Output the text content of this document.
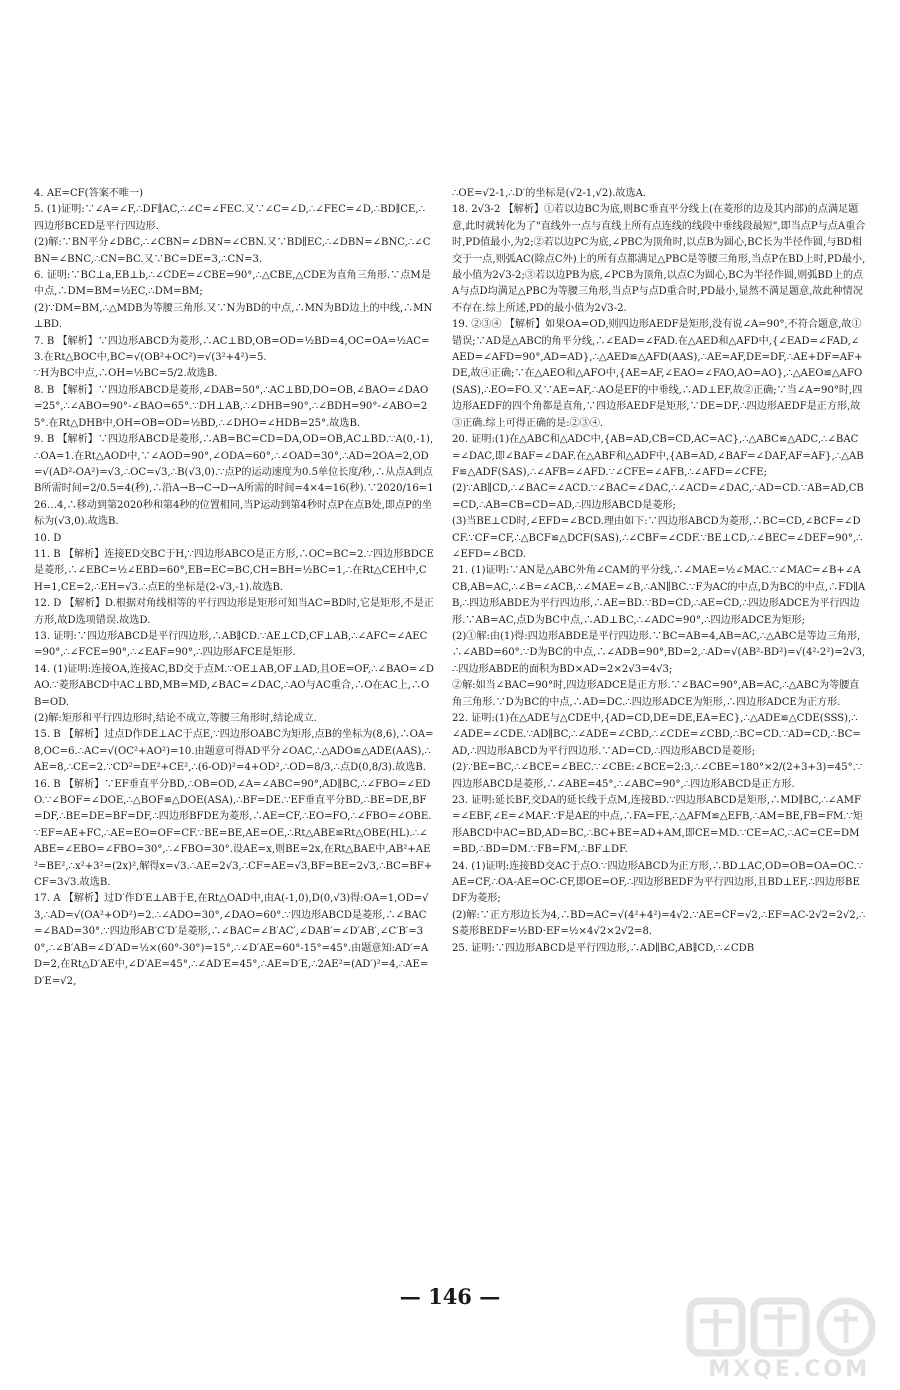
4. AE=CF(答案不唯一)

5. (1)证明:∵∠A=∠F,∴DF∥AC,∴∠C=∠FEC.又∵∠C=∠D,∴∠FEC=∠D,∴BD∥CE,∴四边形BCED是平行四边形.

(2)解:∵BN平分∠DBC,∴∠CBN=∠DBN=∠CBN.又∵BD∥EC,∴∠DBN=∠BNC,∴∠CBN=∠BNC,∴CN=BC.又∵BC=DE=3,∴CN=3.

6. 证明:∵BC⊥a,EB⊥b,∴∠CDE=∠CBE=90°,∴△CBE,△CDE为直角三角形.∵点M是中点,∴DM=BM=½EC,∴DM=BM;

(2)∵DM=BM,∴△MDB为等腰三角形.又∵N为BD的中点,∴MN为BD边上的中线,∴MN⊥BD.

7. B 【解析】∵四边形ABCD为菱形,∴AC⊥BD,OB=OD=½BD=4,OC=OA=½AC=3.在Rt△BOC中,BC=√(OB²+OC²)=√(3²+4²)=5.

∵H为BC中点,∴OH=½BC=5/2.故选B.

8. B 【解析】∵四边形ABCD是菱形,∠DAB=50°,∴AC⊥BD,DO=OB,∠BAO=∠DAO=25°,∴∠ABO=90°-∠BAO=65°.∵DH⊥AB,∴∠DHB=90°,∴∠BDH=90°-∠ABO=25°.在Rt△DHB中,OH=OB=OD=½BD,∴∠DHO=∠HDB=25°.故选B.

9. B 【解析】∵四边形ABCD是菱形,∴AB=BC=CD=DA,OD=OB,AC⊥BD.∵A(0,-1),∴OA=1.在Rt△AOD中,∵∠AOD=90°,∠ODA=60°,∴∠OAD=30°,∴AD=2OA=2,OD=√(AD²-OA²)=√3,∴OC=√3,∴B(√3,0).∵点P的运动速度为0.5单位长度/秒,∴从点A到点B所需时间=2/0.5=4(秒),∴沿A→B→C→D→A所需的时间=4×4=16(秒).∵2020/16=126…4,∴移动到第2020秒和第4秒的位置相同,当P运动到第4秒时点P在点B处,即点P的坐标为(√3,0).故选B.

10. D

11. B 【解析】连接ED交BC于H,∵四边形ABCO是正方形,∴OC=BC=2.∵四边形BDCE是菱形,∴∠EBC=½∠EBD=60°,EB=EC=BC,CH=BH=½BC=1,∴在Rt△CEH中,CH=1,CE=2,∴EH=√3.∴点E的坐标是(2-√3,-1).故选B.

12. D 【解析】D.根据对角线相等的平行四边形是矩形可知当AC=BD时,它是矩形,不是正方形,故D选项错误.故选D.

13. 证明:∵四边形ABCD是平行四边形,∴AB∥CD.∵AE⊥CD,CF⊥AB,∴∠AFC=∠AEC=90°,∴∠FCE=90°,∴∠EAF=90°,∴四边形AFCE是矩形.

14. (1)证明:连接OA,连接AC,BD交于点M.∵OE⊥AB,OF⊥AD,且OE=OF,∴∠BAO=∠DAO.∵菱形ABCD中AC⊥BD,MB=MD,∠BAC=∠DAC,∴AO与AC重合,∴O在AC上,∴OB=OD.

(2)解:矩形和平行四边形时,结论不成立,等腰三角形时,结论成立.

15. B 【解析】过点D作DE⊥AC于点E,∵四边形OABC为矩形,点B的坐标为(8,6),∴OA=8,OC=6.∴AC=√(OC²+AO²)=10.由题意可得AD平分∠OAC,∴△ADO≌△ADE(AAS),∴AE=8,∴CE=2.∵CD²=DE²+CE²,∴(6-OD)²=4+OD²,∴OD=8/3,∴点D(0,8/3).故选B.

16. B 【解析】∵EF垂直平分BD,∴OB=OD,∠A=∠ABC=90°,AD∥BC,∴∠FBO=∠EDO.∵∠BOF=∠DOE,∴△BOF≌△DOE(ASA),∴BF=DE.∵EF垂直平分BD,∴BE=DE,BF=DF,∴BE=DE=BF=DF,∴四边形BFDE为菱形,∴AE=CF,∴EO=FO,∴∠FBO=∠OBE.∵EF=AE+FC,∴AE=EO=OF=CF.∵BE=BE,AE=OE,∴Rt△ABE≌Rt△OBE(HL).∴∠ABE=∠EBO=∠FBO=30°,∴∠FBO=30°.设AE=x,则BE=2x,在Rt△BAE中,AB²+AE²=BE²,∴x²+3²=(2x)²,解得x=√3.∴AE=2√3,∴CF=AE=√3,BF=BE=2√3,∴BC=BF+CF=3√3.故选B.

17. A 【解析】过D′作D′E⊥AB于E,在Rt△OAD中,由A(-1,0),D(0,√3)得:OA=1,OD=√3,∴AD=√(OA²+OD²)=2.∴∠ADO=30°,∠DAO=60°.∵四边形ABCD是菱形,∴∠BAC=∠BAD=30°.∵四边形AB′C′D′是菱形,∴∠BAC=∠B′AC′,∠DAB′=∠D′AB′,∠C′B′=30°,∴∠B′AB=∠D′AD=½×(60°-30°)=15°,∴∠D′AE=60°-15°=45°.由题意知:AD′=AD=2,在Rt△D′AE中,∠D′AE=45°,∴∠AD′E=45°,∴AE=D′E,∴2AE²=(AD′)²=4,∴AE=D′E=√2,

∴OE=√2-1,∴D′的坐标是(√2-1,√2).故选A.

18. 2√3-2 【解析】①若以边BC为底,则BC垂直平分线上(在菱形的边及其内部)的点满足题意,此时就转化为了"直线外一点与直线上所有点连线的线段中垂线段最短",即当点P与点A重合时,PD值最小,为2;②若以边PC为底,∠PBC为顶角时,以点B为圆心,BC长为半径作圆,与BD相交于一点,则弧AC(除点C外)上的所有点都满足△PBC是等腰三角形,当点P在BD上时,PD最小,最小值为2√3-2;③若以边PB为底,∠PCB为顶角,以点C为圆心,BC为半径作圆,则弧BD上的点A与点D均满足△PBC为等腰三角形,当点P与点D重合时,PD最小,显然不满足题意,故此种情况不存在.综上所述,PD的最小值为2√3-2.

19. ②③④ 【解析】如果OA=OD,则四边形AEDF是矩形,没有说∠A=90°,不符合题意,故①错误;∵AD是△ABC的角平分线,∴∠EAD=∠FAD.在△AED和△AFD中,{∠EAD=∠FAD,∠AED=∠AFD=90°,AD=AD},∴△AED≌△AFD(AAS),∴AE=AF,DE=DF,∴AE+DF=AF+DE,故④正确;∵在△AEO和△AFO中,{AE=AF,∠EAO=∠FAO,AO=AO},∴△AEO≌△AFO(SAS),∴EO=FO.又∵AE=AF,∴AO是EF的中垂线,∴AD⊥EF,故②正确;∵当∠A=90°时,四边形AEDF的四个角都是直角,∵四边形AEDF是矩形,∵DE=DF,∴四边形AEDF是正方形,故③正确.综上可得正确的是:②③④.

20. 证明:(1)在△ABC和△ADC中,{AB=AD,CB=CD,AC=AC},∴△ABC≌△ADC,∴∠BAC=∠DAC,即∠BAF=∠DAF.在△ABF和△ADF中,{AB=AD,∠BAF=∠DAF,AF=AF},∴△ABF≌△ADF(SAS),∴∠AFB=∠AFD.∵∠CFE=∠AFB,∴∠AFD=∠CFE;

(2)∵AB∥CD,∴∠BAC=∠ACD.∵∠BAC=∠DAC,∴∠ACD=∠DAC,∴AD=CD.∵AB=AD,CB=CD,∴AB=CB=CD=AD,∴四边形ABCD是菱形;

(3)当BE⊥CD时,∠EFD=∠BCD.理由如下:∵四边形ABCD为菱形,∴BC=CD,∠BCF=∠DCF.∵CF=CF,∴△BCF≌△DCF(SAS),∴∠CBF=∠CDF.∵BE⊥CD,∴∠BEC=∠DEF=90°,∴∠EFD=∠BCD.

21. (1)证明:∵AN是△ABC外角∠CAM的平分线,∴∠MAE=½∠MAC.∵∠MAC=∠B+∠ACB,AB=AC,∴∠B=∠ACB,∴∠MAE=∠B,∴AN∥BC.∵F为AC的中点,D为BC的中点,∴FD∥AB,∴四边形ABDE为平行四边形,∴AE=BD.∵BD=CD,∴AE=CD,∴四边形ADCE为平行四边形.∵AB=AC,点D为BC中点,∴AD⊥BC,∴∠ADC=90°,∴四边形ADCE为矩形;

(2)①解:由(1)得:四边形ABDE是平行四边形.∵BC=AB=4,AB=AC,∴△ABC是等边三角形,∴∠ABD=60°.∵D为BC的中点,∴∠ADB=90°,BD=2,∴AD=√(AB²-BD²)=√(4²-2²)=2√3,∴四边形ABDE的面积为BD×AD=2×2√3=4√3;

②解:如当∠BAC=90°时,四边形ADCE是正方形.∵∠BAC=90°,AB=AC,∴△ABC为等腰直角三角形.∵D为BC的中点,∴AD=DC.∴四边形ADCE为矩形,∴四边形ADCE为正方形.

22. 证明:(1)在△ADE与△CDE中,{AD=CD,DE=DE,EA=EC},∴△ADE≌△CDE(SSS),∴∠ADE=∠CDE.∵AD∥BC,∴∠ADE=∠CBD,∴∠CDE=∠CBD,∴BC=CD.∵AD=CD,∴BC=AD,∴四边形ABCD为平行四边形.∵AD=CD,∴四边形ABCD是菱形;

(2)∵BE=BC,∴∠BCE=∠BEC.∵∠CBE:∠BCE=2:3,∴∠CBE=180°×2/(2+3+3)=45°.∵四边形ABCD是菱形,∴∠ABE=45°,∴∠ABC=90°,∴四边形ABCD是正方形.

23. 证明:延长BF,交DA的延长线于点M,连接BD.∵四边形ABCD是矩形,∴MD∥BC,∴∠AMF=∠EBF,∠E=∠MAF.∵F是AE的中点,∴FA=FE,∴△AFM≌△EFB,∴AM=BE,FB=FM.∵矩形ABCD中AC=BD,AD=BC,∴BC+BE=AD+AM,即CE=MD.∵CE=AC,∴AC=CE=DM=BD,∴BD=DM.∵FB=FM,∴BF⊥DF.

24. (1)证明:连接BD交AC于点O.∵四边形ABCD为正方形,∴BD⊥AC,OD=OB=OA=OC.∵AE=CF,∴OA-AE=OC-CF,即OE=OF,∴四边形BEDF为平行四边形,且BD⊥EF,∴四边形BEDF为菱形;

(2)解:∵正方形边长为4,∴BD=AC=√(4²+4²)=4√2.∵AE=CF=√2,∴EF=AC-2√2=2√2,∴S菱形BEDF=½BD·EF=½×4√2×2√2=8.

25. 证明:∵四边形ABCD是平行四边形,∴AD∥BC,AB∥CD,∴∠CDB

— 146 —
MXQE.COM
